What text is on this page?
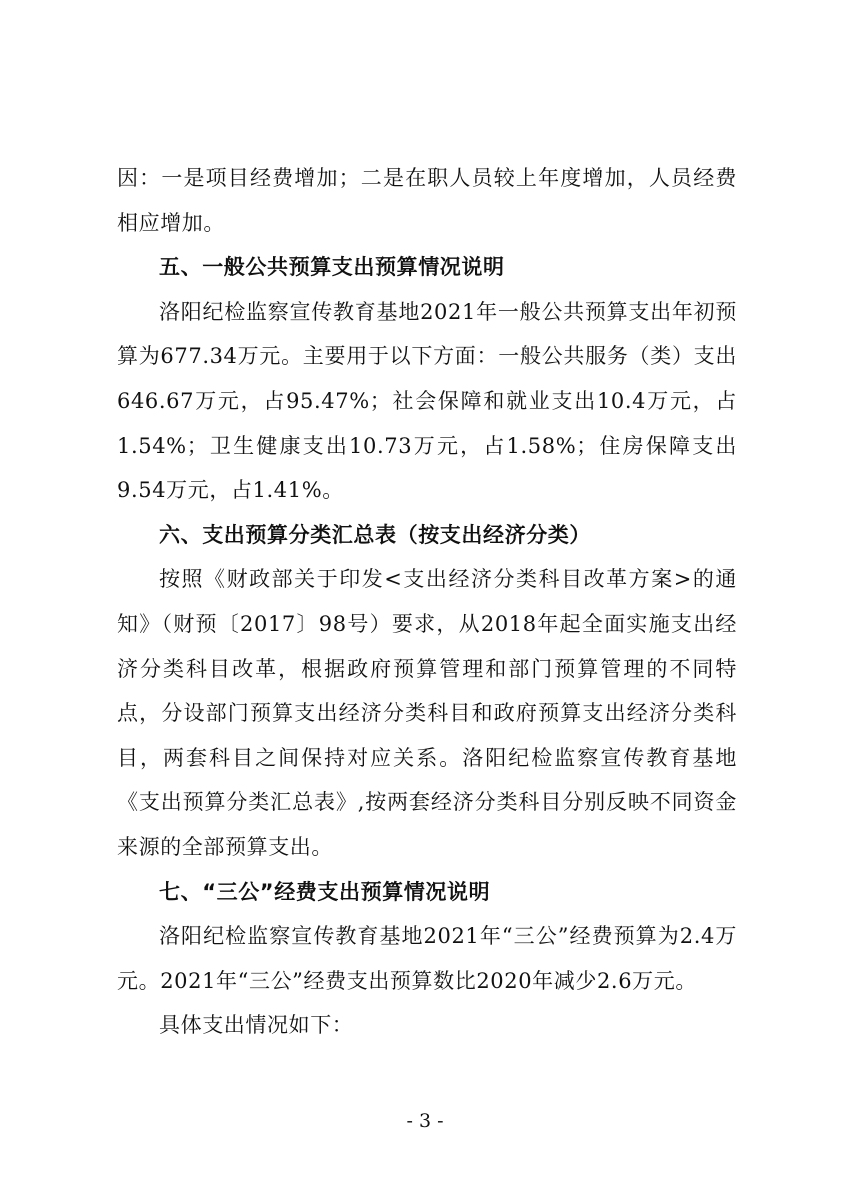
因：一是项目经费增加；二是在职人员较上年度增加，人员经费相应增加。

五、一般公共预算支出预算情况说明

洛阳纪检监察宣传教育基地2021年一般公共预算支出年初预算为677.34万元。主要用于以下方面：一般公共服务（类）支出646.67万元，占95.47%；社会保障和就业支出10.4万元，占1.54%；卫生健康支出10.73万元，占1.58%；住房保障支出9.54万元，占1.41%。

六、支出预算分类汇总表（按支出经济分类）

按照《财政部关于印发<支出经济分类科目改革方案>的通知》（财预〔2017〕98号）要求，从2018年起全面实施支出经济分类科目改革，根据政府预算管理和部门预算管理的不同特点，分设部门预算支出经济分类科目和政府预算支出经济分类科目，两套科目之间保持对应关系。洛阳纪检监察宣传教育基地《支出预算分类汇总表》,按两套经济分类科目分别反映不同资金来源的全部预算支出。

七、“三公”经费支出预算情况说明

洛阳纪检监察宣传教育基地2021年“三公”经费预算为2.4万元。2021年“三公”经费支出预算数比2020年减少2.6万元。

具体支出情况如下：

- 3 -
